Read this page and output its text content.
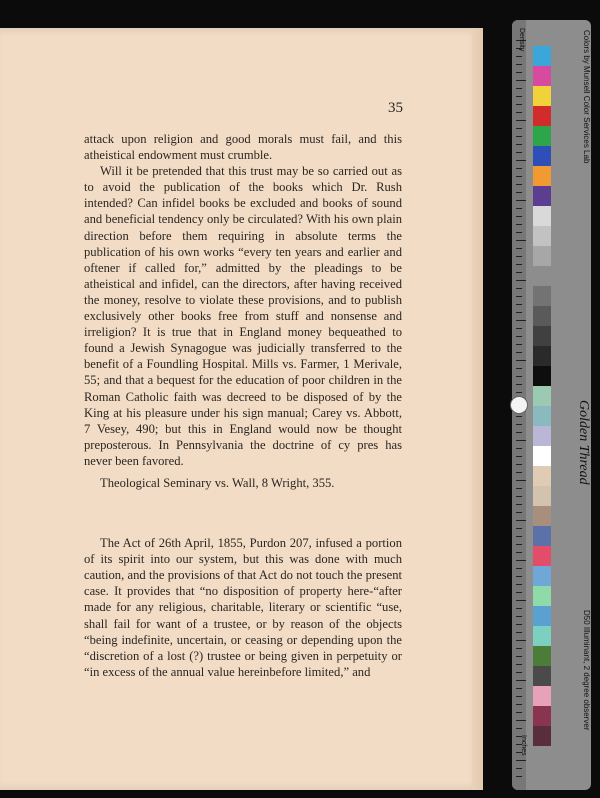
35

attack upon religion and good morals must fail, and this atheistical endowment must crumble.

Will it be pretended that this trust may be so carried out as to avoid the publication of the books which Dr. Rush intended? Can infidel books be excluded and books of sound and beneficial tendency only be circulated? With his own plain direction before them requiring in absolute terms the publication of his own works “every ten years and earlier and oftener if called for,” admitted by the pleadings to be atheistical and infidel, can the directors, after having received the money, resolve to violate these provisions, and to publish exclusively other books free from stuff and nonsense and irreligion? It is true that in England money bequeathed to found a Jewish Synagogue was judicially transferred to the benefit of a Foundling Hospital. Mills vs. Farmer, 1 Merivale, 55; and that a bequest for the education of poor children in the Roman Catholic faith was decreed to be disposed of by the King at his pleasure under his sign manual; Carey vs. Abbott, 7 Vesey, 490; but this in England would now be thought preposterous. In Pennsylvania the doctrine of cy pres has never been favored.

Theological Seminary vs. Wall, 8 Wright, 355.

The Act of 26th April, 1855, Purdon 207, infused a portion of its spirit into our system, but this was done with much caution, and the provisions of that Act do not touch the present case. It provides that “no disposition of property here-“after made for any religious, charitable, literary or scientific “use, shall fail for want of a trustee, or by reason of the objects “being indefinite, uncertain, or ceasing or depending upon the “discretion of a lost (?) trustee or being given in perpetuity or “in excess of the annual value hereinbefore limited,” and

Golden Thread
Colors by Munsell Color Services Lab
D50 Illuminant, 2 degree observer
Inches
Density
